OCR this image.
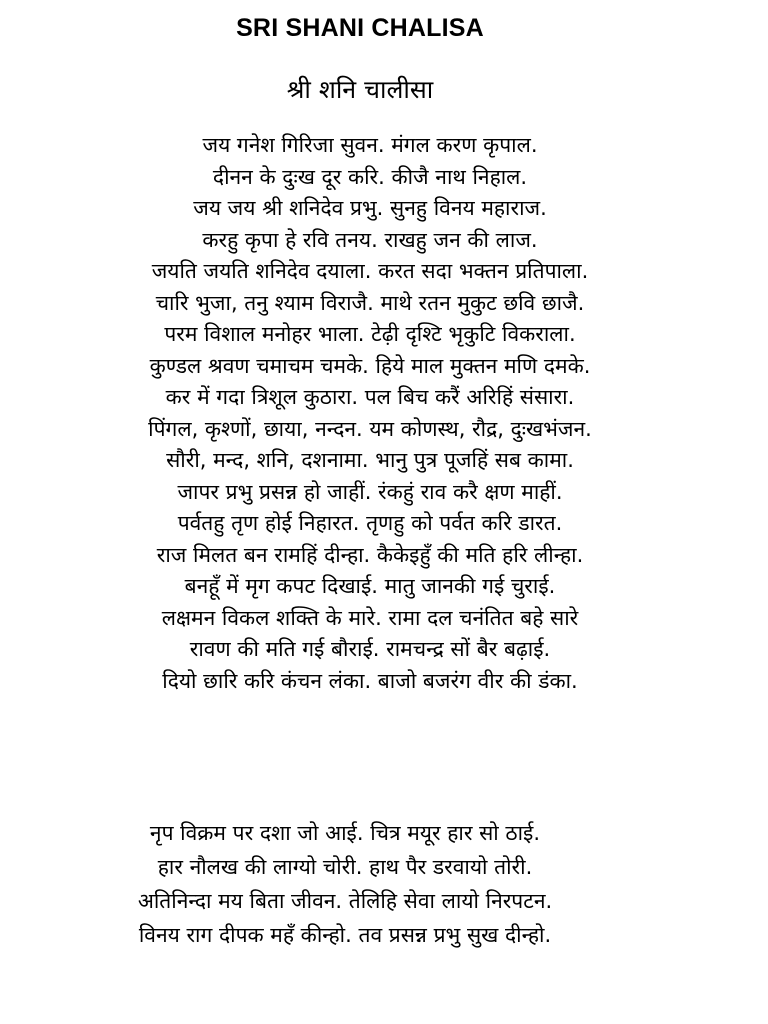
SRI SHANI CHALISA
श्री शनि चालीसा
जय गनेश गिरिजा सुवन. मंगल करण कृपाल.
दीनन के दुःख दूर करि. कीजै नाथ निहाल.
जय जय श्री शनिदेव प्रभु. सुनहु विनय महाराज.
करहु कृपा हे रवि तनय. राखहु जन की लाज.
जयति जयति शनिदेव दयाला. करत सदा भक्तन प्रतिपाला.
चारि भुजा, तनु श्याम विराजै. माथे रतन मुकुट छवि छाजै.
परम विशाल मनोहर भाला. टेढ़ी दृश्टि भृकुटि विकराला.
कुण्डल श्रवण चमाचम चमके. हिये माल मुक्तन मणि दमके.
कर में गदा त्रिशूल कुठारा. पल बिच करैं अरिहिं संसारा.
पिंगल, कृश्णों, छाया, नन्दन. यम कोणस्थ, रौद्र, दुःखभंजन.
सौरी, मन्द, शनि, दशनामा. भानु पुत्र पूजहिं सब कामा.
जापर प्रभु प्रसन्न हो जाहीं. रंकहुं राव करै क्षण माहीं.
पर्वतहु तृण होई निहारत. तृणहु को पर्वत करि डारत.
राज मिलत बन रामहिं दीन्हा. कैकेइहुँ की मति हरि लीन्हा.
बनहूँ में मृग कपट दिखाई. मातु जानकी गई चुराई.
लक्षमन विकल शक्ति के मारे. रामा दल चनंतित बहे सारे
रावण की मति गई बौराई. रामचन्द्र सों बैर बढ़ाई.
दियो छारि करि कंचन लंका. बाजो बजरंग वीर की डंका.
नृप विक्रम पर दशा जो आई. चित्र मयूर हार सो ठाई.
हार नौलख की लाग्यो चोरी. हाथ पैर डरवायो तोरी.
अतिनिन्दा मय बिता जीवन. तेलिहि सेवा लायो निरपटन.
विनय राग दीपक महँ कीन्हो. तव प्रसन्न प्रभु सुख दीन्हो.
